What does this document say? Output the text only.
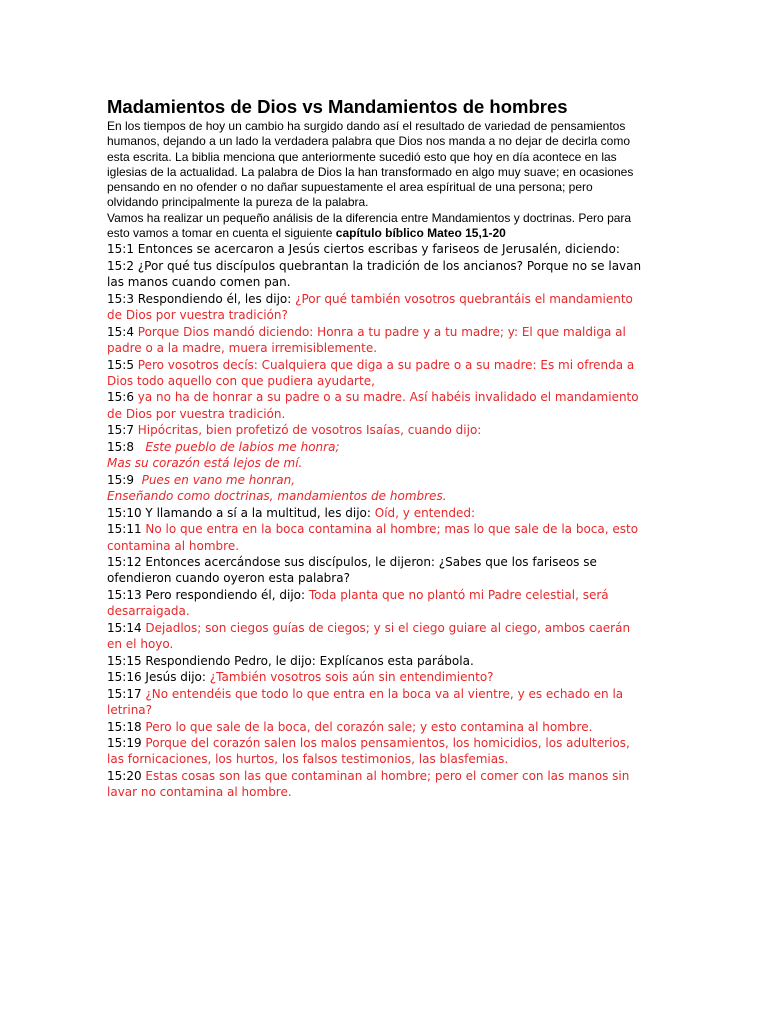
Madamientos de Dios vs Mandamientos de hombres

En los tiempos de hoy un cambio ha surgido dando así el resultado de variedad de pensamientos humanos, dejando a un lado la verdadera palabra que Dios nos manda a no dejar de decirla como esta escrita. La biblia menciona que anteriormente sucedió esto que hoy en día acontece en las iglesias de la actualidad. La palabra de Dios la han transformado en algo muy suave; en ocasiones pensando en no ofender o no dañar supuestamente el area espíritual de una persona; pero olvidando principalmente la pureza de la palabra.

Vamos ha realizar un pequeño análisis de la diferencia entre Mandamientos y doctrinas. Pero para esto vamos a tomar en cuenta el siguiente capítulo bíblico Mateo 15,1-20

15:1 Entonces se acercaron a Jesús ciertos escribas y fariseos de Jerusalén, diciendo:

15:2 ¿Por qué tus discípulos quebrantan la tradición de los ancianos? Porque no se lavan las manos cuando comen pan.

15:3 Respondiendo él, les dijo: ¿Por qué también vosotros quebrantáis el mandamiento de Dios por vuestra tradición?

15:4 Porque Dios mandó diciendo: Honra a tu padre y a tu madre; y: El que maldiga al padre o a la madre, muera irremisiblemente.

15:5 Pero vosotros decís: Cualquiera que diga a su padre o a su madre: Es mi ofrenda a Dios todo aquello con que pudiera ayudarte,

15:6 ya no ha de honrar a su padre o a su madre. Así habéis invalidado el mandamiento de Dios por vuestra tradición.

15:7 Hipócritas, bien profetizó de vosotros Isaías, cuando dijo:

15:8 Este pueblo de labios me honra;
Mas su corazón está lejos de mí.

15:9 Pues en vano me honran,
Enseñando como doctrinas, mandamientos de hombres.

15:10 Y llamando a sí a la multitud, les dijo: Oíd, y entended:

15:11 No lo que entra en la boca contamina al hombre; mas lo que sale de la boca, esto contamina al hombre.

15:12 Entonces acercándose sus discípulos, le dijeron: ¿Sabes que los fariseos se ofendieron cuando oyeron esta palabra?

15:13 Pero respondiendo él, dijo: Toda planta que no plantó mi Padre celestial, será desarraigada.

15:14 Dejadlos; son ciegos guías de ciegos; y si el ciego guiare al ciego, ambos caerán en el hoyo.

15:15 Respondiendo Pedro, le dijo: Explícanos esta parábola.

15:16 Jesús dijo: ¿También vosotros sois aún sin entendimiento?

15:17 ¿No entendéis que todo lo que entra en la boca va al vientre, y es echado en la letrina?

15:18 Pero lo que sale de la boca, del corazón sale; y esto contamina al hombre.

15:19 Porque del corazón salen los malos pensamientos, los homicidios, los adulterios, las fornicaciones, los hurtos, los falsos testimonios, las blasfemias.

15:20 Estas cosas son las que contaminan al hombre; pero el comer con las manos sin lavar no contamina al hombre.
